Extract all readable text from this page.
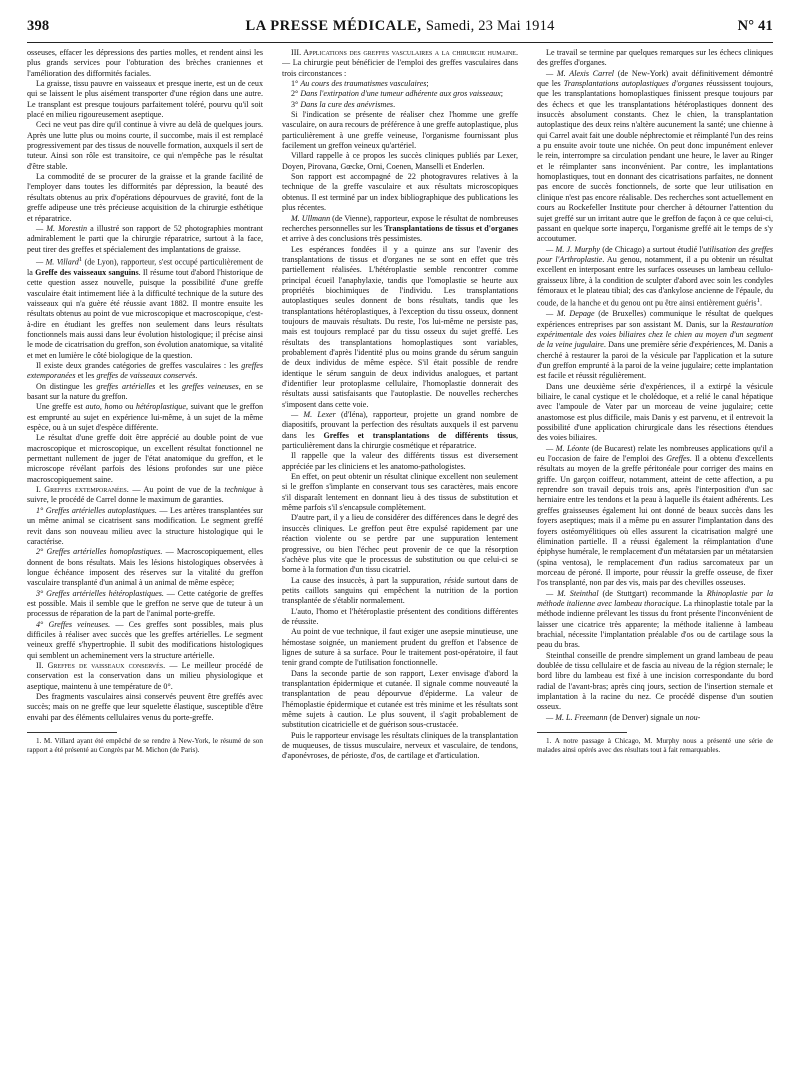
398	LA PRESSE MÉDICALE, Samedi, 23 Mai 1914	N° 41

osseuses, effacer les dépressions des parties molles, et rendent ainsi les plus grands services pour l'obturation des brèches craniennes et l'amélioration des difformités faciales.

La graisse, tissu pauvre en vaisseaux et presque inerte, est un de ceux qui se laissent le plus aisément transporter d'une région dans une autre. Le transplant est presque toujours parfaitement toléré, pourvu qu'il soit placé en milieu rigoureusement aseptique.

Ceci ne veut pas dire qu'il continue à vivre au delà de quelques jours. Après une lutte plus ou moins courte, il succombe, mais il est remplacé progressivement par des tissus de nouvelle formation, auxquels il sert de tuteur. Ainsi son rôle est transitoire, ce qui n'empêche pas le résultat d'être stable.

La commodité de se procurer de la graisse et la grande facilité de l'employer dans toutes les difformités par dépression, la beauté des résultats obtenus au prix d'opérations dépourvues de gravité, font de la greffe adipeuse une très précieuse acquisition de la chirurgie esthétique et réparatrice.

— M. Morestin a illustré son rapport de 52 photographies montrant admirablement le parti que la chirurgie réparatrice, surtout à la face, peut tirer des greffes et spécialement des implantations de graisse.

— M. Villard$^1$ (de Lyon), rapporteur, s'est occupé particulièrement de la Greffe des vaisseaux sanguins. Il résume tout d'abord l'historique de cette question assez nouvelle, puisque la possibilité d'une greffe vasculaire était intimement liée à la difficulté technique de la suture des vaisseaux qui n'a guère été réussie avant 1882. Il montre ensuite les résultats obtenus au point de vue microscopique et macroscopique, c'est-à-dire en étudiant les greffes non seulement dans leurs résultats fonctionnels mais aussi dans leur évolution histologique; il précise ainsi le mode de cicatrisation du greffon, son évolution anatomique, sa vitalité et met en lumière le côté biologique de la question.

Il existe deux grandes catégories de greffes vasculaires : les greffes extemporanées et les greffes de vaisseaux conservés.

On distingue les greffes artérielles et les greffes veineuses, en se basant sur la nature du greffon.

Une greffe est auto, homo ou hétéroplastique, suivant que le greffon est emprunté au sujet en expérience lui-même, à un sujet de la même espèce, ou à un sujet d'espèce différente.

Le résultat d'une greffe doit être apprécié au double point de vue macroscopique et microscopique, un excellent résultat fonctionnel ne permettant nullement de juger de l'état anatomique du greffon, et le microscope révélant parfois des lésions profondes sur une pièce macroscopiquement saine.

I. Greffes extemporanées. — Au point de vue de la technique à suivre, le procédé de Carrel donne le maximum de garanties.

1° Greffes artérielles autoplastiques. — Les artères transplantées sur un même animal se cicatrisent sans modification. Le segment greffé revit dans son nouveau milieu avec la structure histologique qui le caractérise.

2° Greffes artérielles homoplastiques. — Macroscopiquement, elles donnent de bons résultats. Mais les lésions histologiques observées à longue échéance imposent des réserves sur la vitalité du greffon vasculaire transplanté d'un animal à un animal de même espèce;

3° Greffes artérielles hétéroplastiques. — Cette catégorie de greffes est possible. Mais il semble que le greffon ne serve que de tuteur à un processus de réparation de la part de l'animal porte-greffe.

4° Greffes veineuses. — Ces greffes sont possibles, mais plus difficiles à réaliser avec succès que les greffes artérielles. Le segment veineux greffé s'hypertrophie. Il subit des modifications histologiques qui semblent un acheminement vers la structure artérielle.

II. Greffes de vaisseaux conservés. — Le meilleur procédé de conservation est la conservation dans un milieu physiologique et aseptique, maintenu à une température de 0°.

Des fragments vasculaires ainsi conservés peuvent être greffés avec succès; mais on ne greffe que leur squelette élastique, susceptible d'être envahi par des éléments cellulaires venus du porte-greffe.

1. M. Villard ayant été empêché de se rendre à New-York, le résumé de son rapport a été présenté au Congrès par M. Michon (de Paris).

III. Applications des greffes vasculaires a la chirurgie humaine. — La chirurgie peut bénéficier de l'emploi des greffes vasculaires dans trois circonstances :

1° Au cours des traumatismes vasculaires;

2° Dans l'extirpation d'une tumeur adhérente aux gros vaisseaux;

3° Dans la cure des anévrismes.

Si l'indication se présente de réaliser chez l'homme une greffe vasculaire, on aura recours de préférence à une greffe autoplastique, plus particulièrement à une greffe veineuse, l'organisme fournissant plus facilement un greffon veineux qu'artériel.

Villard rappelle à ce propos les succès cliniques publiés par Lexer, Doyen, Pirovana, Gœcke, Orni, Coenen, Manselli et Enderlen.

Son rapport est accompagné de 22 photogravures relatives à la technique de la greffe vasculaire et aux résultats microscopiques obtenus. Il est terminé par un index bibliographique des publications les plus récentes.

M. Ullmann (de Vienne), rapporteur, expose le résultat de nombreuses recherches personnelles sur les Transplantations de tissus et d'organes et arrive à des conclusions très pessimistes.

Les espérances fondées il y a quinze ans sur l'avenir des transplantations de tissus et d'organes ne se sont en effet que très partiellement réalisées. L'hétéroplastie semble rencontrer comme principal écueil l'anaphylaxie, tandis que l'omoplastie se heurte aux propriétés biochimiques de l'individu. Les transplantations autoplastiques seules donnent de bons résultats, tandis que les transplantations hétéroplastiques, à l'exception du tissu osseux, donnent toujours de mauvais résultats. Du reste, l'os lui-même ne persiste pas, mais est toujours remplacé par du tissu osseux du sujet greffé. Les résultats des transplantations homoplastiques sont variables, probablement d'après l'identité plus ou moins grande du sérum sanguin de deux individus de même espèce. S'il était possible de rendre identique le sérum sanguin de deux individus analogues, et partant d'identifier leur protoplasme cellulaire, l'homoplastie donnerait des résultats aussi satisfaisants que l'autoplastie. De nouvelles recherches s'imposent dans cette voie.

— M. Lexer (d'Iéna), rapporteur, projette un grand nombre de diapositifs, prouvant la perfection des résultats auxquels il est parvenu dans les Greffes et transplantations de différents tissus, particulièrement dans la chirurgie cosmétique et réparatrice.

Il rappelle que la valeur des différents tissus est diversement appréciée par les cliniciens et les anatomo-pathologistes.

En effet, on peut obtenir un résultat clinique excellent non seulement si le greffon s'implante en conservant tous ses caractères, mais encore s'il disparaît lentement en donnant lieu à des tissus de substitution et même parfois s'il s'encapsule complètement.

D'autre part, il y a lieu de considérer des différences dans le degré des insuccès cliniques. Le greffon peut être expulsé rapidement par une réaction violente ou se perdre par une suppuration lentement progressive, ou bien l'échec peut provenir de ce que la résorption s'achève plus vite que le processus de substitution ou que celui-ci se borne à la formation d'un tissu cicatriel.

La cause des insuccès, à part la suppuration, réside surtout dans de petits caillots sanguins qui empêchent la nutrition de la portion transplantée de s'établir normalement.

L'auto, l'homo et l'hétéroplastie présentent des conditions différentes de réussite.

Au point de vue technique, il faut exiger une asepsie minutieuse, une hémostase soignée, un maniement prudent du greffon et l'absence de lignes de suture à sa surface. Pour le traitement post-opératoire, il faut tenir grand compte de l'utilisation fonctionnelle.

Dans la seconde partie de son rapport, Lexer envisage d'abord la transplantation épidermique et cutanée. Il signale comme nouveauté la transplantation de peau dépourvue d'épiderme. La valeur de l'hémoplastie épidermique et cutanée est très minime et les résultats sont même sujets à caution. Le plus souvent, il s'agit probablement de substitution cicatricielle et de guérison sous-crustacée.

Puis le rapporteur envisage les résultats cliniques de la transplantation de muqueuses, de tissus musculaire, nerveux et vasculaire, de tendons, d'aponévroses, de périoste, d'os, de cartilage et d'articulation.

Le travail se termine par quelques remarques sur les échecs cliniques des greffes d'organes.

— M. Alexis Carrel (de New-York) avait définitivement démontré que les Transplantations autoplastiques d'organes réussissent toujours, que les transplantations homoplastiques finissent presque toujours par des échecs et que les transplantations hétéroplastiques donnent des insuccès absolument constants. Chez le chien, la transplantation autoplastique des deux reins n'altère aucunement la santé; une chienne à qui Carrel avait fait une double néphrectomie et réimplanté l'un des reins a pu ensuite avoir toute une nichée. On peut donc impunément enlever le rein, interrompre sa circulation pendant une heure, le laver au Ringer et le réimplanter sans inconvénient. Par contre, les implantations homoplastiques, tout en donnant des cicatrisations parfaites, ne donnent pas encore de succès fonctionnels, de sorte que leur utilisation en clinique n'est pas encore réalisable. Des recherches sont actuellement en cours au Rockefeller Institute pour chercher à détourner l'attention du sujet greffé sur un irritant autre que le greffon de façon à ce que celui-ci, passant en quelque sorte inaperçu, l'organisme greffé ait le temps de s'y accoutumer.

— M. J. Murphy (de Chicago) a surtout étudié l'utilisation des greffes pour l'Arthroplastie. Au genou, notamment, il a pu obtenir un résultat excellent en interposant entre les surfaces osseuses un lambeau cellulo-graisseux libre, à la condition de sculpter d'abord avec soin les condyles fémoraux et le plateau tibial; des cas d'ankylose ancienne de l'épaule, du coude, de la hanche et du genou ont pu être ainsi entièrement guéris$^1$.

— M. Depage (de Bruxelles) communique le résultat de quelques expériences entreprises par son assistant M. Danis, sur la Restauration expérimentale des voies biliaires chez le chien au moyen d'un segment de la veine jugulaire. Dans une première série d'expériences, M. Danis a cherché à restaurer la paroi de la vésicule par l'application et la suture d'un greffon emprunté à la paroi de la veine jugulaire; cette implantation est facile et réussit régulièrement.

Dans une deuxième série d'expériences, il a extirpé la vésicule biliaire, le canal cystique et le cholédoque, et a relié le canal hépatique avec l'ampoule de Vater par un morceau de veine jugulaire; cette anastomose est plus difficile, mais Danis y est parvenu, et il entrevoit la possibilité d'une application chirurgicale dans les résections étendues des voies biliaires.

— M. Léonte (de Bucarest) relate les nombreuses applications qu'il a eu l'occasion de faire de l'emploi des Greffes. Il a obtenu d'excellents résultats au moyen de la greffe péritonéale pour corriger des mains en griffe. Un garçon coiffeur, notamment, atteint de cette affection, a pu reprendre son travail depuis trois ans, après l'interposition d'un sac herniaire entre les tendons et la peau à laquelle ils étaient adhérents. Les greffes graisseuses également lui ont donné de beaux succès dans les foyers aseptiques; mais il a même pu en assurer l'implantation dans des foyers ostéomyélitiques où elles assurent la cicatrisation malgré une élimination partielle. Il a réussi également la réimplantation d'une épiphyse humérale, le remplacement d'un métatarsien par un métatarsien (spina ventosa), le remplacement d'un radius sarcomateux par un morceau de péroné. Il importe, pour réussir la greffe osseuse, de fixer l'os transplanté, non par des vis, mais par des chevilles osseuses.

— M. Steinthal (de Stuttgart) recommande la Rhinoplastie par la méthode italienne avec lambeau thoracique. La rhinoplastie totale par la méthode indienne prélevant les tissus du front présente l'inconvénient de laisser une cicatrice très apparente; la méthode italienne à lambeau brachial, nécessite l'implantation préalable d'os ou de cartilage sous la peau du bras.

Steinthal conseille de prendre simplement un grand lambeau de peau doublée de tissu cellulaire et de fascia au niveau de la région sternale; le bord libre du lambeau est fixé à une incision correspondante du bord radial de l'avant-bras; après cinq jours, section de l'insertion sternale et implantation à la racine du nez. Ce procédé dispense d'un soutien osseux.

— M. L. Freemann (de Denver) signale un nou-

1. A notre passage à Chicago, M. Murphy nous a présenté une série de malades ainsi opérés avec des résultats tout à fait remarquables.
